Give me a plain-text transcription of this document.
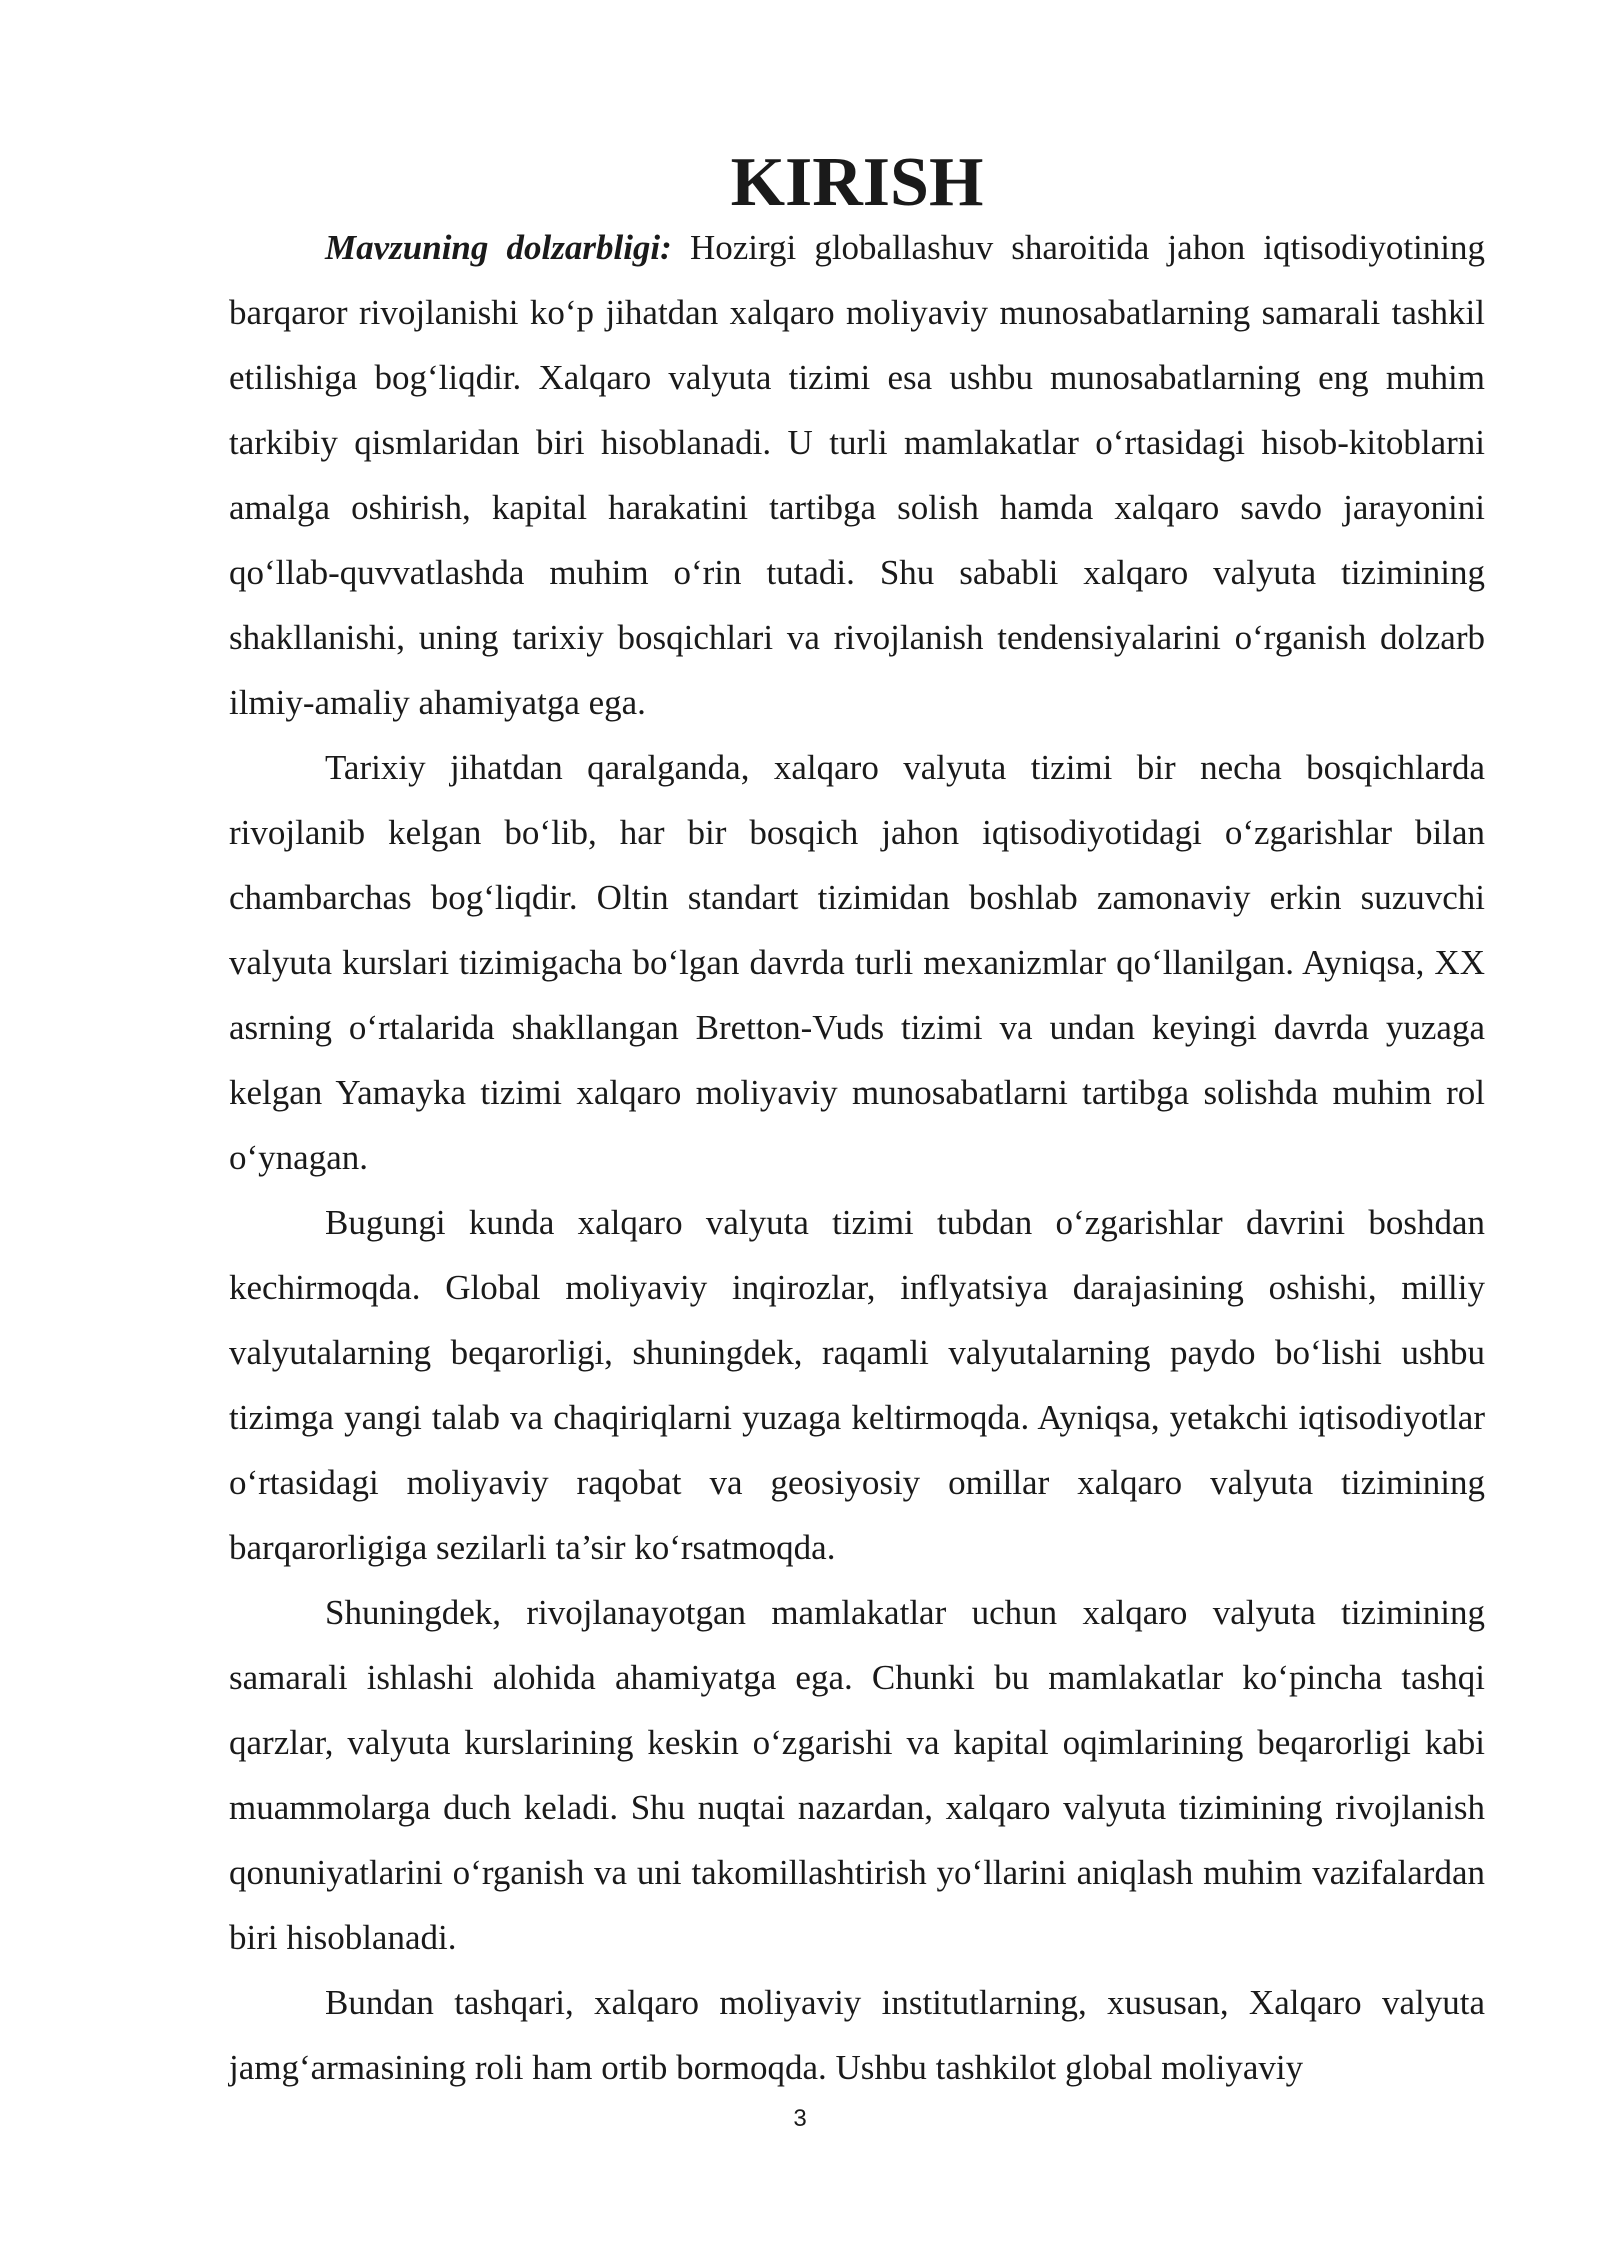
KIRISH

Mavzuning dolzarbligi: Hozirgi globallashuv sharoitida jahon iqtisodiyotining barqaror rivojlanishi ko‘p jihatdan xalqaro moliyaviy munosabatlarning samarali tashkil etilishiga bog‘liqdir. Xalqaro valyuta tizimi esa ushbu munosabatlarning eng muhim tarkibiy qismlaridan biri hisoblanadi. U turli mamlakatlar o‘rtasidagi hisob-kitoblarni amalga oshirish, kapital harakatini tartibga solish hamda xalqaro savdo jarayonini qo‘llab-quvvatlashda muhim o‘rin tutadi. Shu sababli xalqaro valyuta tizimining shakllanishi, uning tarixiy bosqichlari va rivojlanish tendensiyalarini o‘rganish dolzarb ilmiy-amaliy ahamiyatga ega.

Tarixiy jihatdan qaralganda, xalqaro valyuta tizimi bir necha bosqichlarda rivojlanib kelgan bo‘lib, har bir bosqich jahon iqtisodiyotidagi o‘zgarishlar bilan chambarchas bog‘liqdir. Oltin standart tizimidan boshlab zamonaviy erkin suzuvchi valyuta kurslari tizimigacha bo‘lgan davrda turli mexanizmlar qo‘llanilgan. Ayniqsa, XX asrning o‘rtalarida shakllangan Bretton-Vuds tizimi va undan keyingi davrda yuzaga kelgan Yamayka tizimi xalqaro moliyaviy munosabatlarni tartibga solishda muhim rol o‘ynagan.

Bugungi kunda xalqaro valyuta tizimi tubdan o‘zgarishlar davrini boshdan kechirmoqda. Global moliyaviy inqirozlar, inflyatsiya darajasining oshishi, milliy valyutalarning beqarorligi, shuningdek, raqamli valyutalarning paydo bo‘lishi ushbu tizimga yangi talab va chaqiriqlarni yuzaga keltirmoqda. Ayniqsa, yetakchi iqtisodiyotlar o‘rtasidagi moliyaviy raqobat va geosiyosiy omillar xalqaro valyuta tizimining barqarorligiga sezilarli ta’sir ko‘rsatmoqda.

Shuningdek, rivojlanayotgan mamlakatlar uchun xalqaro valyuta tizimining samarali ishlashi alohida ahamiyatga ega. Chunki bu mamlakatlar ko‘pincha tashqi qarzlar, valyuta kurslarining keskin o‘zgarishi va kapital oqimlarining beqarorligi kabi muammolarga duch keladi. Shu nuqtai nazardan, xalqaro valyuta tizimining rivojlanish qonuniyatlarini o‘rganish va uni takomillashtirish yo‘llarini aniqlash muhim vazifalardan biri hisoblanadi.

Bundan tashqari, xalqaro moliyaviy institutlarning, xususan, Xalqaro valyuta jamg‘armasining roli ham ortib bormoqda. Ushbu tashkilot global moliyaviy

3
